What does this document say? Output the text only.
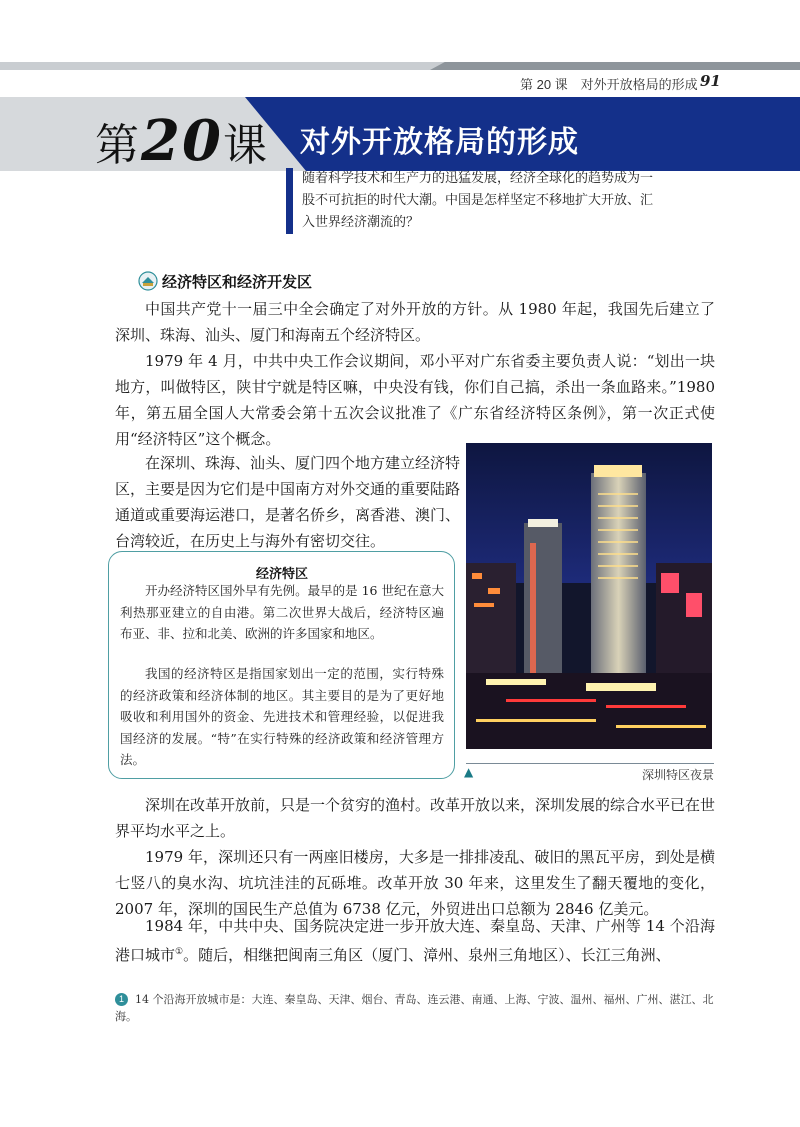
第 20 课　对外开放格局的形成 91
第20课 对外开放格局的形成
随着科学技术和生产力的迅猛发展，经济全球化的趋势成为一股不可抗拒的时代大潮。中国是怎样坚定不移地扩大开放、汇入世界经济潮流的？
经济特区和经济开发区

中国共产党十一届三中全会确定了对外开放的方针。从 1980 年起，我国先后建立了深圳、珠海、汕头、厦门和海南五个经济特区。

1979 年 4 月，中共中央工作会议期间，邓小平对广东省委主要负责人说：“划出一块地方，叫做特区，陕甘宁就是特区嘛，中央没有钱，你们自己搞，杀出一条血路来。”1980 年，第五届全国人大常委会第十五次会议批准了《广东省经济特区条例》，第一次正式使用“经济特区”这个概念。

在深圳、珠海、汕头、厦门四个地方建立经济特区，主要是因为它们是中国南方对外交通的重要陆路通道或重要海运港口，是著名侨乡，离香港、澳门、台湾较近，在历史上与海外有密切交往。

▲	深圳特区夜景
经济特区

开办经济特区国外早有先例。最早的是 16 世纪在意大利热那亚建立的自由港。第二次世界大战后，经济特区遍布亚、非、拉和北美、欧洲的许多国家和地区。

我国的经济特区是指国家划出一定的范围，实行特殊的经济政策和经济体制的地区。其主要目的是为了更好地吸收和利用国外的资金、先进技术和管理经验，以促进我国经济的发展。“特”在实行特殊的经济政策和经济管理方法。

深圳在改革开放前，只是一个贫穷的渔村。改革开放以来，深圳发展的综合水平已在世界平均水平之上。

1979 年，深圳还只有一两座旧楼房，大多是一排排凌乱、破旧的黑瓦平房，到处是横七竖八的臭水沟、坑坑洼洼的瓦砾堆。改革开放 30 年来，这里发生了翻天覆地的变化，2007 年，深圳的国民生产总值为 6738 亿元，外贸进出口总额为 2846 亿美元。

1984 年，中共中央、国务院决定进一步开放大连、秦皇岛、天津、广州等 14 个沿海港口城市①。随后，相继把闽南三角区（厦门、漳州、泉州三角地区）、长江三角洲、

1	14 个沿海开放城市是：大连、秦皇岛、天津、烟台、青岛、连云港、南通、上海、宁波、温州、福州、广州、湛江、北海。
